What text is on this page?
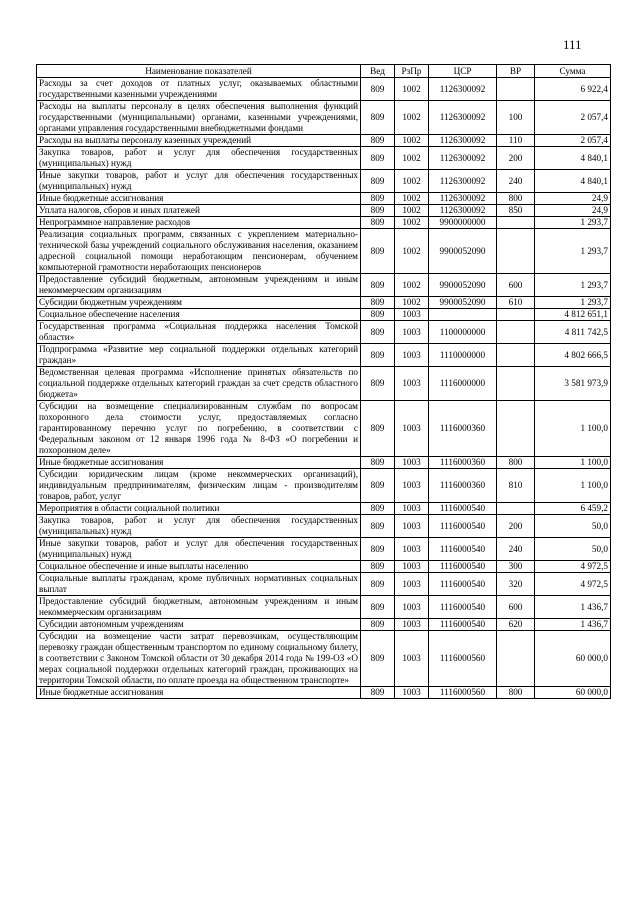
111
Наименование показателей	Вед	РзПр	ЦСР	ВР	Сумма
Расходы за счет доходов от платных услуг, оказываемых областными государственными казенными учреждениями	809	1002	1126300092		6 922,4
Расходы на выплаты персоналу в целях обеспечения выполнения функций государственными (муниципальными) органами, казенными учреждениями, органами управления государственными внебюджетными фондами	809	1002	1126300092	100	2 057,4
Расходы на выплаты персоналу казенных учреждений	809	1002	1126300092	110	2 057,4
Закупка товаров, работ и услуг для обеспечения государственных (муниципальных) нужд	809	1002	1126300092	200	4 840,1
Иные закупки товаров, работ и услуг для обеспечения государственных (муниципальных) нужд	809	1002	1126300092	240	4 840,1
Иные бюджетные ассигнования	809	1002	1126300092	800	24,9
Уплата налогов, сборов и иных платежей	809	1002	1126300092	850	24,9
Непрограммное направление расходов	809	1002	9900000000		1 293,7
Реализация социальных программ, связанных с укреплением материально-технической базы учреждений социального обслуживания населения, оказанием адресной социальной помощи неработающим пенсионерам, обучением компьютерной грамотности неработающих пенсионеров	809	1002	9900052090		1 293,7
Предоставление субсидий бюджетным, автономным учреждениям и иным некоммерческим организациям	809	1002	9900052090	600	1 293,7
Субсидии бюджетным учреждениям	809	1002	9900052090	610	1 293,7
Социальное обеспечение населения	809	1003			4 812 651,1
Государственная программа «Социальная поддержка населения Томской области»	809	1003	1100000000		4 811 742,5
Подпрограмма «Развитие мер социальной поддержки отдельных категорий граждан»	809	1003	1110000000		4 802 666,5
Ведомственная целевая программа «Исполнение принятых обязательств по социальной поддержке отдельных категорий граждан за счет средств областного бюджета»	809	1003	1116000000		3 581 973,9
Субсидии на возмещение специализированным службам по вопросам похоронного дела стоимости услуг, предоставляемых согласно гарантированному перечню услуг по погребению, в соответствии с Федеральным законом от 12 января 1996 года № 8-ФЗ «О погребении и похоронном деле»	809	1003	1116000360		1 100,0
Иные бюджетные ассигнования	809	1003	1116000360	800	1 100,0
Субсидии юридическим лицам (кроме некоммерческих организаций), индивидуальным предпринимателям, физическим лицам - производителям товаров, работ, услуг	809	1003	1116000360	810	1 100,0
Мероприятия в области социальной политики	809	1003	1116000540		6 459,2
Закупка товаров, работ и услуг для обеспечения государственных (муниципальных) нужд	809	1003	1116000540	200	50,0
Иные закупки товаров, работ и услуг для обеспечения государственных (муниципальных) нужд	809	1003	1116000540	240	50,0
Социальное обеспечение и иные выплаты населению	809	1003	1116000540	300	4 972,5
Социальные выплаты гражданам, кроме публичных нормативных социальных выплат	809	1003	1116000540	320	4 972,5
Предоставление субсидий бюджетным, автономным учреждениям и иным некоммерческим организациям	809	1003	1116000540	600	1 436,7
Субсидии автономным учреждениям	809	1003	1116000540	620	1 436,7
Субсидии на возмещение части затрат перевозчикам, осуществляющим перевозку граждан общественным транспортом по единому социальному билету, в соответствии с Законом Томской области от 30 декабря 2014 года № 199-ОЗ «О мерах социальной поддержки отдельных категорий граждан, проживающих на территории Томской области, по оплате проезда на общественном транспорте»	809	1003	1116000560		60 000,0
Иные бюджетные ассигнования	809	1003	1116000560	800	60 000,0
